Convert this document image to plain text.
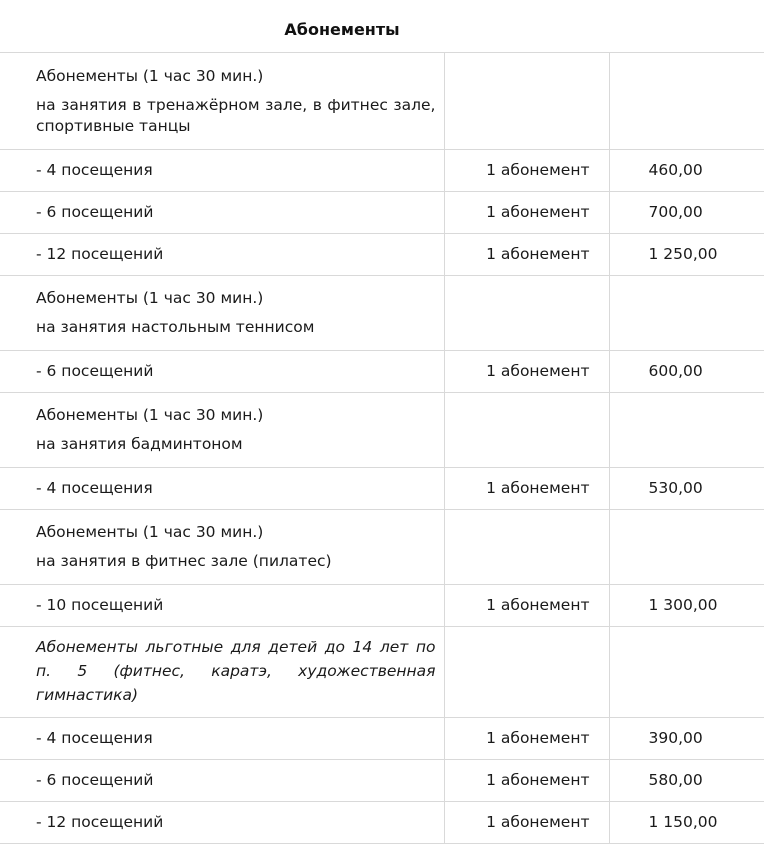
Абонементы
Абонементы (1 час 30 мин.)
на занятия в тренажёрном зале, в фитнес зале, спортивные танцы		

- 4 посещения	1 абонемент	460,00

- 6 посещений	1 абонемент	700,00

- 12 посещений	1 абонемент	1 250,00

Абонементы (1 час 30 мин.)
на занятия настольным теннисом		

- 6 посещений	1 абонемент	600,00

Абонементы (1 час 30 мин.)
на занятия бадминтоном		

- 4 посещения	1 абонемент	530,00

Абонементы (1 час 30 мин.)
на занятия в фитнес зале (пилатес)		

- 10 посещений	1 абонемент	1 300,00

Абонементы льготные для детей до 14 лет по п. 5 (фитнес, каратэ, художественная гимнастика)		

- 4 посещения	1 абонемент	390,00

- 6 посещений	1 абонемент	580,00

- 12 посещений	1 абонемент	1 150,00
